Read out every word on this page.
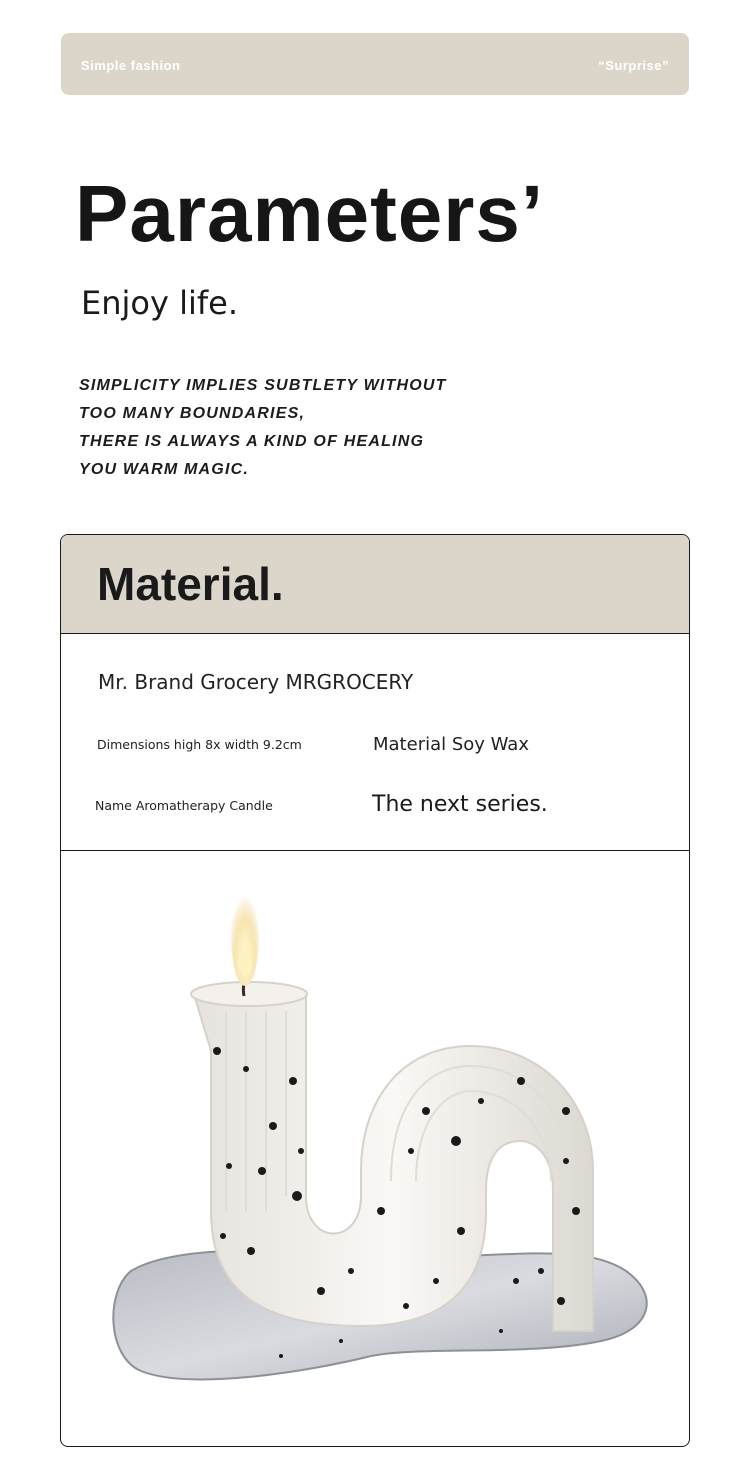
Simple fashion	“Surprise”
Parameters’
Enjoy life.
SIMPLICITY IMPLIES SUBTLETY WITHOUT
TOO MANY BOUNDARIES,
THERE IS ALWAYS A KIND OF HEALING
YOU WARM MAGIC.
Material.
Mr. Brand Grocery MRGROCERY
Dimensions high 8x width 9.2cm	Material Soy Wax
Name Aromatherapy Candle	The next series.
